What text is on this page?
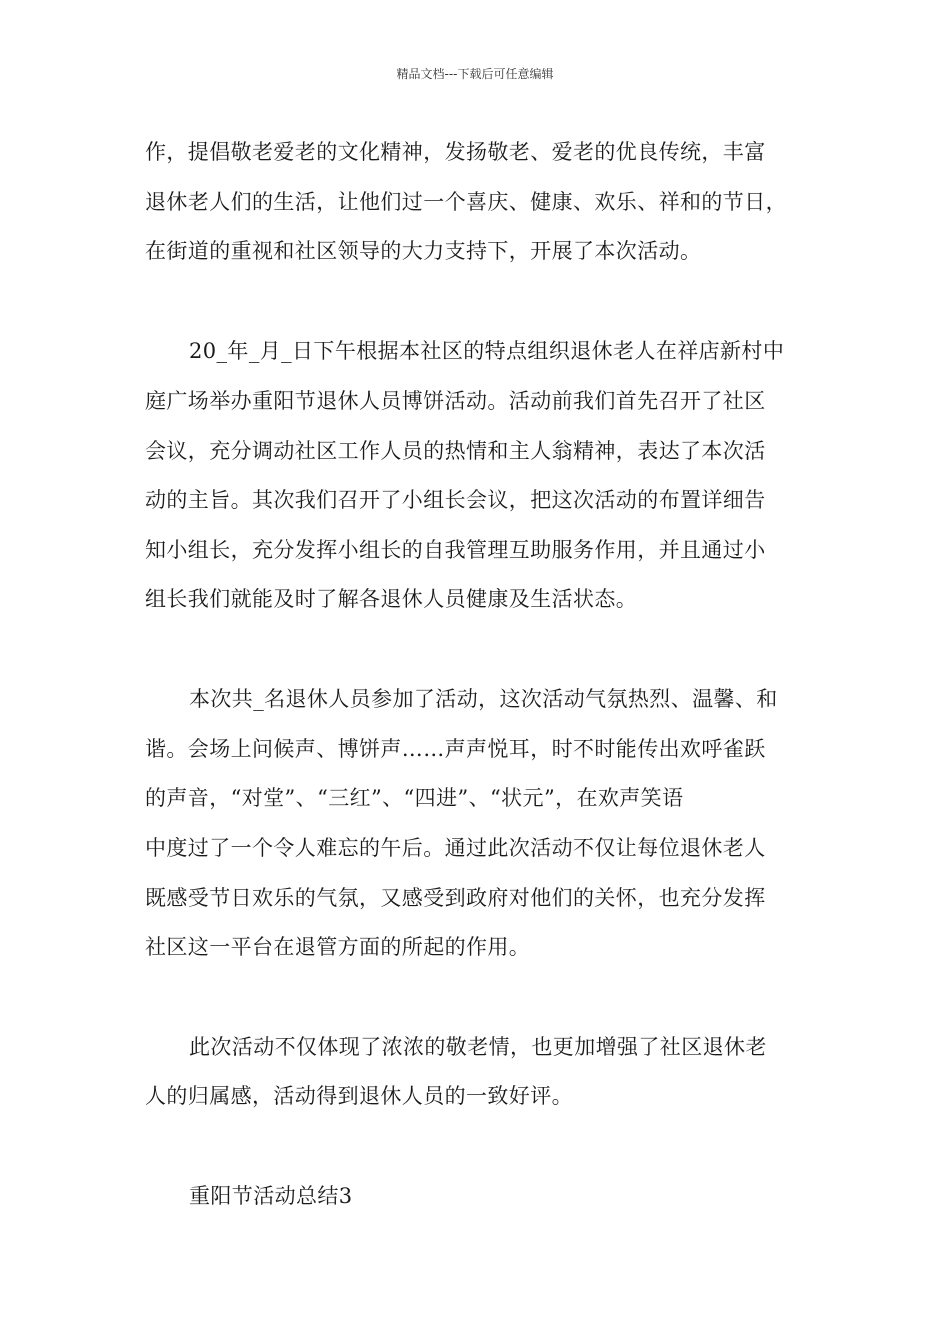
精品文档---下载后可任意编辑
作，提倡敬老爱老的文化精神，发扬敬老、爱老的优良传统，丰富
退休老人们的生活，让他们过一个喜庆、健康、欢乐、祥和的节日，
在街道的重视和社区领导的大力支持下，开展了本次活动。
20_年_月_日下午根据本社区的特点组织退休老人在祥店新村中
庭广场举办重阳节退休人员博饼活动。活动前我们首先召开了社区
会议，充分调动社区工作人员的热情和主人翁精神，表达了本次活
动的主旨。其次我们召开了小组长会议，把这次活动的布置详细告
知小组长，充分发挥小组长的自我管理互助服务作用，并且通过小
组长我们就能及时了解各退休人员健康及生活状态。
本次共_名退休人员参加了活动，这次活动气氛热烈、温馨、和
谐。会场上问候声、博饼声……声声悦耳，时不时能传出欢呼雀跃
的声音，“对堂”、“三红”、“四进”、“状元”，在欢声笑语
中度过了一个令人难忘的午后。通过此次活动不仅让每位退休老人
既感受节日欢乐的气氛，又感受到政府对他们的关怀，也充分发挥
社区这一平台在退管方面的所起的作用。
此次活动不仅体现了浓浓的敬老情，也更加增强了社区退休老
人的归属感，活动得到退休人员的一致好评。
重阳节活动总结3
